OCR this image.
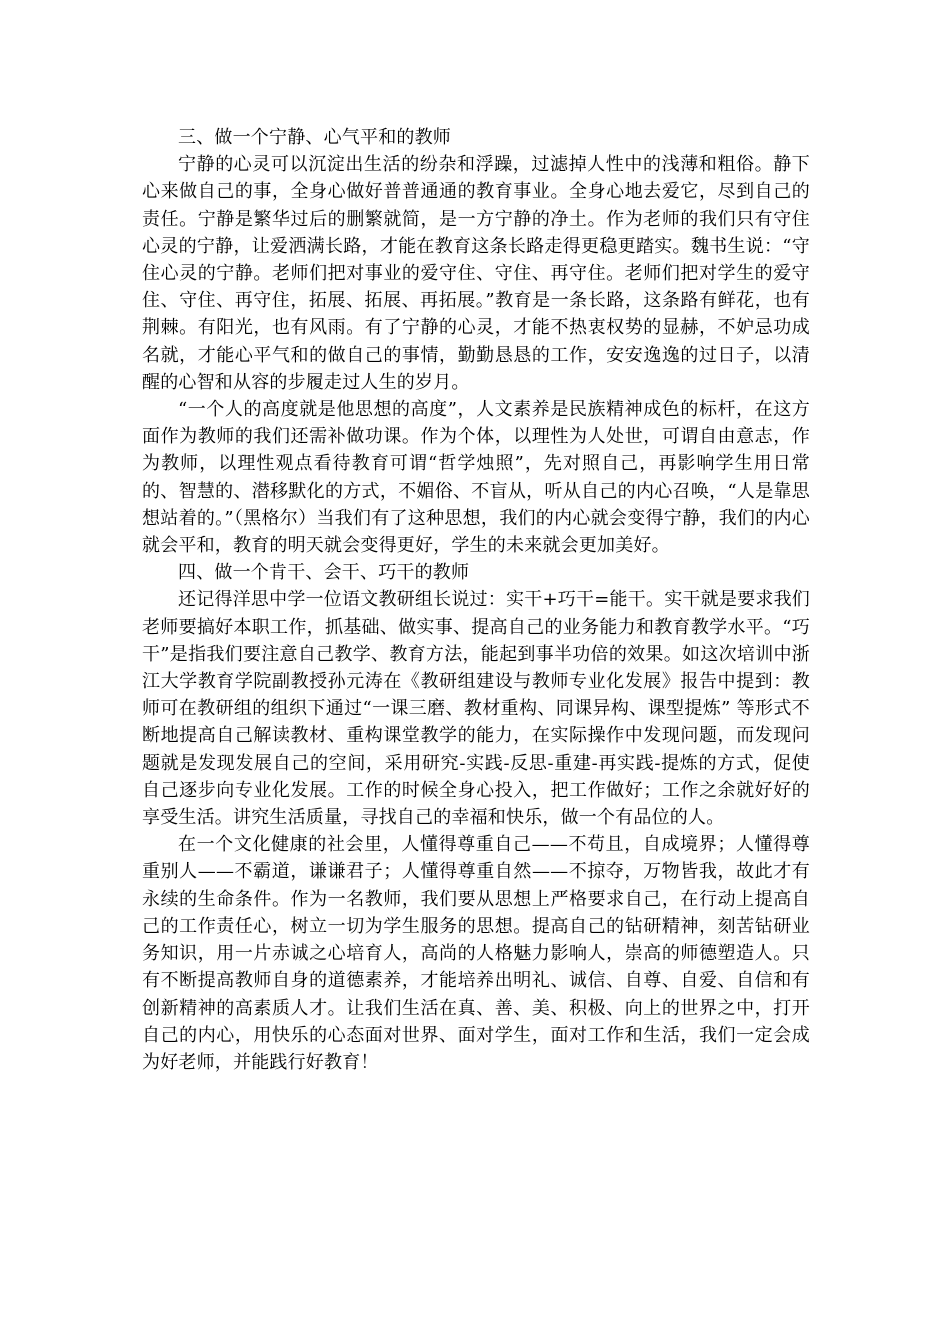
三、做一个宁静、心气平和的教师

宁静的心灵可以沉淀出生活的纷杂和浮躁，过滤掉人性中的浅薄和粗俗。静下心来做自己的事，全身心做好普普通通的教育事业。全身心地去爱它，尽到自己的责任。宁静是繁华过后的删繁就简，是一方宁静的净土。作为老师的我们只有守住心灵的宁静，让爱洒满长路，才能在教育这条长路走得更稳更踏实。魏书生说：“守住心灵的宁静。老师们把对事业的爱守住、守住、再守住。老师们把对学生的爱守住、守住、再守住，拓展、拓展、再拓展。”教育是一条长路，这条路有鲜花，也有荆棘。有阳光，也有风雨。有了宁静的心灵，才能不热衷权势的显赫，不妒忌功成名就，才能心平气和的做自己的事情，勤勤恳恳的工作，安安逸逸的过日子，以清醒的心智和从容的步履走过人生的岁月。

“一个人的高度就是他思想的高度”，人文素养是民族精神成色的标杆，在这方面作为教师的我们还需补做功课。作为个体，以理性为人处世，可谓自由意志，作为教师，以理性观点看待教育可谓“哲学烛照”，先对照自己，再影响学生用日常的、智慧的、潜移默化的方式，不媚俗、不盲从，听从自己的内心召唤，“人是靠思想站着的。”（黑格尔）当我们有了这种思想，我们的内心就会变得宁静，我们的内心就会平和，教育的明天就会变得更好，学生的未来就会更加美好。

四、做一个肯干、会干、巧干的教师

还记得洋思中学一位语文教研组长说过：实干+巧干=能干。实干就是要求我们老师要搞好本职工作，抓基础、做实事、提高自己的业务能力和教育教学水平。“巧干”是指我们要注意自己教学、教育方法，能起到事半功倍的效果。如这次培训中浙江大学教育学院副教授孙元涛在《教研组建设与教师专业化发展》报告中提到：教师可在教研组的组织下通过“一课三磨、教材重构、同课异构、课型提炼” 等形式不断地提高自己解读教材、重构课堂教学的能力，在实际操作中发现问题，而发现问题就是发现发展自己的空间，采用研究-实践-反思-重建-再实践-提炼的方式，促使自己逐步向专业化发展。工作的时候全身心投入，把工作做好；工作之余就好好的享受生活。讲究生活质量，寻找自己的幸福和快乐，做一个有品位的人。

在一个文化健康的社会里，人懂得尊重自己——不苟且，自成境界；人懂得尊重别人——不霸道，谦谦君子；人懂得尊重自然——不掠夺，万物皆我，故此才有永续的生命条件。作为一名教师，我们要从思想上严格要求自己，在行动上提高自己的工作责任心，树立一切为学生服务的思想。提高自己的钻研精神，刻苦钻研业务知识，用一片赤诚之心培育人，高尚的人格魅力影响人，崇高的师德塑造人。只有不断提高教师自身的道德素养，才能培养出明礼、诚信、自尊、自爱、自信和有创新精神的高素质人才。让我们生活在真、善、美、积极、向上的世界之中，打开自己的内心，用快乐的心态面对世界、面对学生，面对工作和生活，我们一定会成为好老师，并能践行好教育！
